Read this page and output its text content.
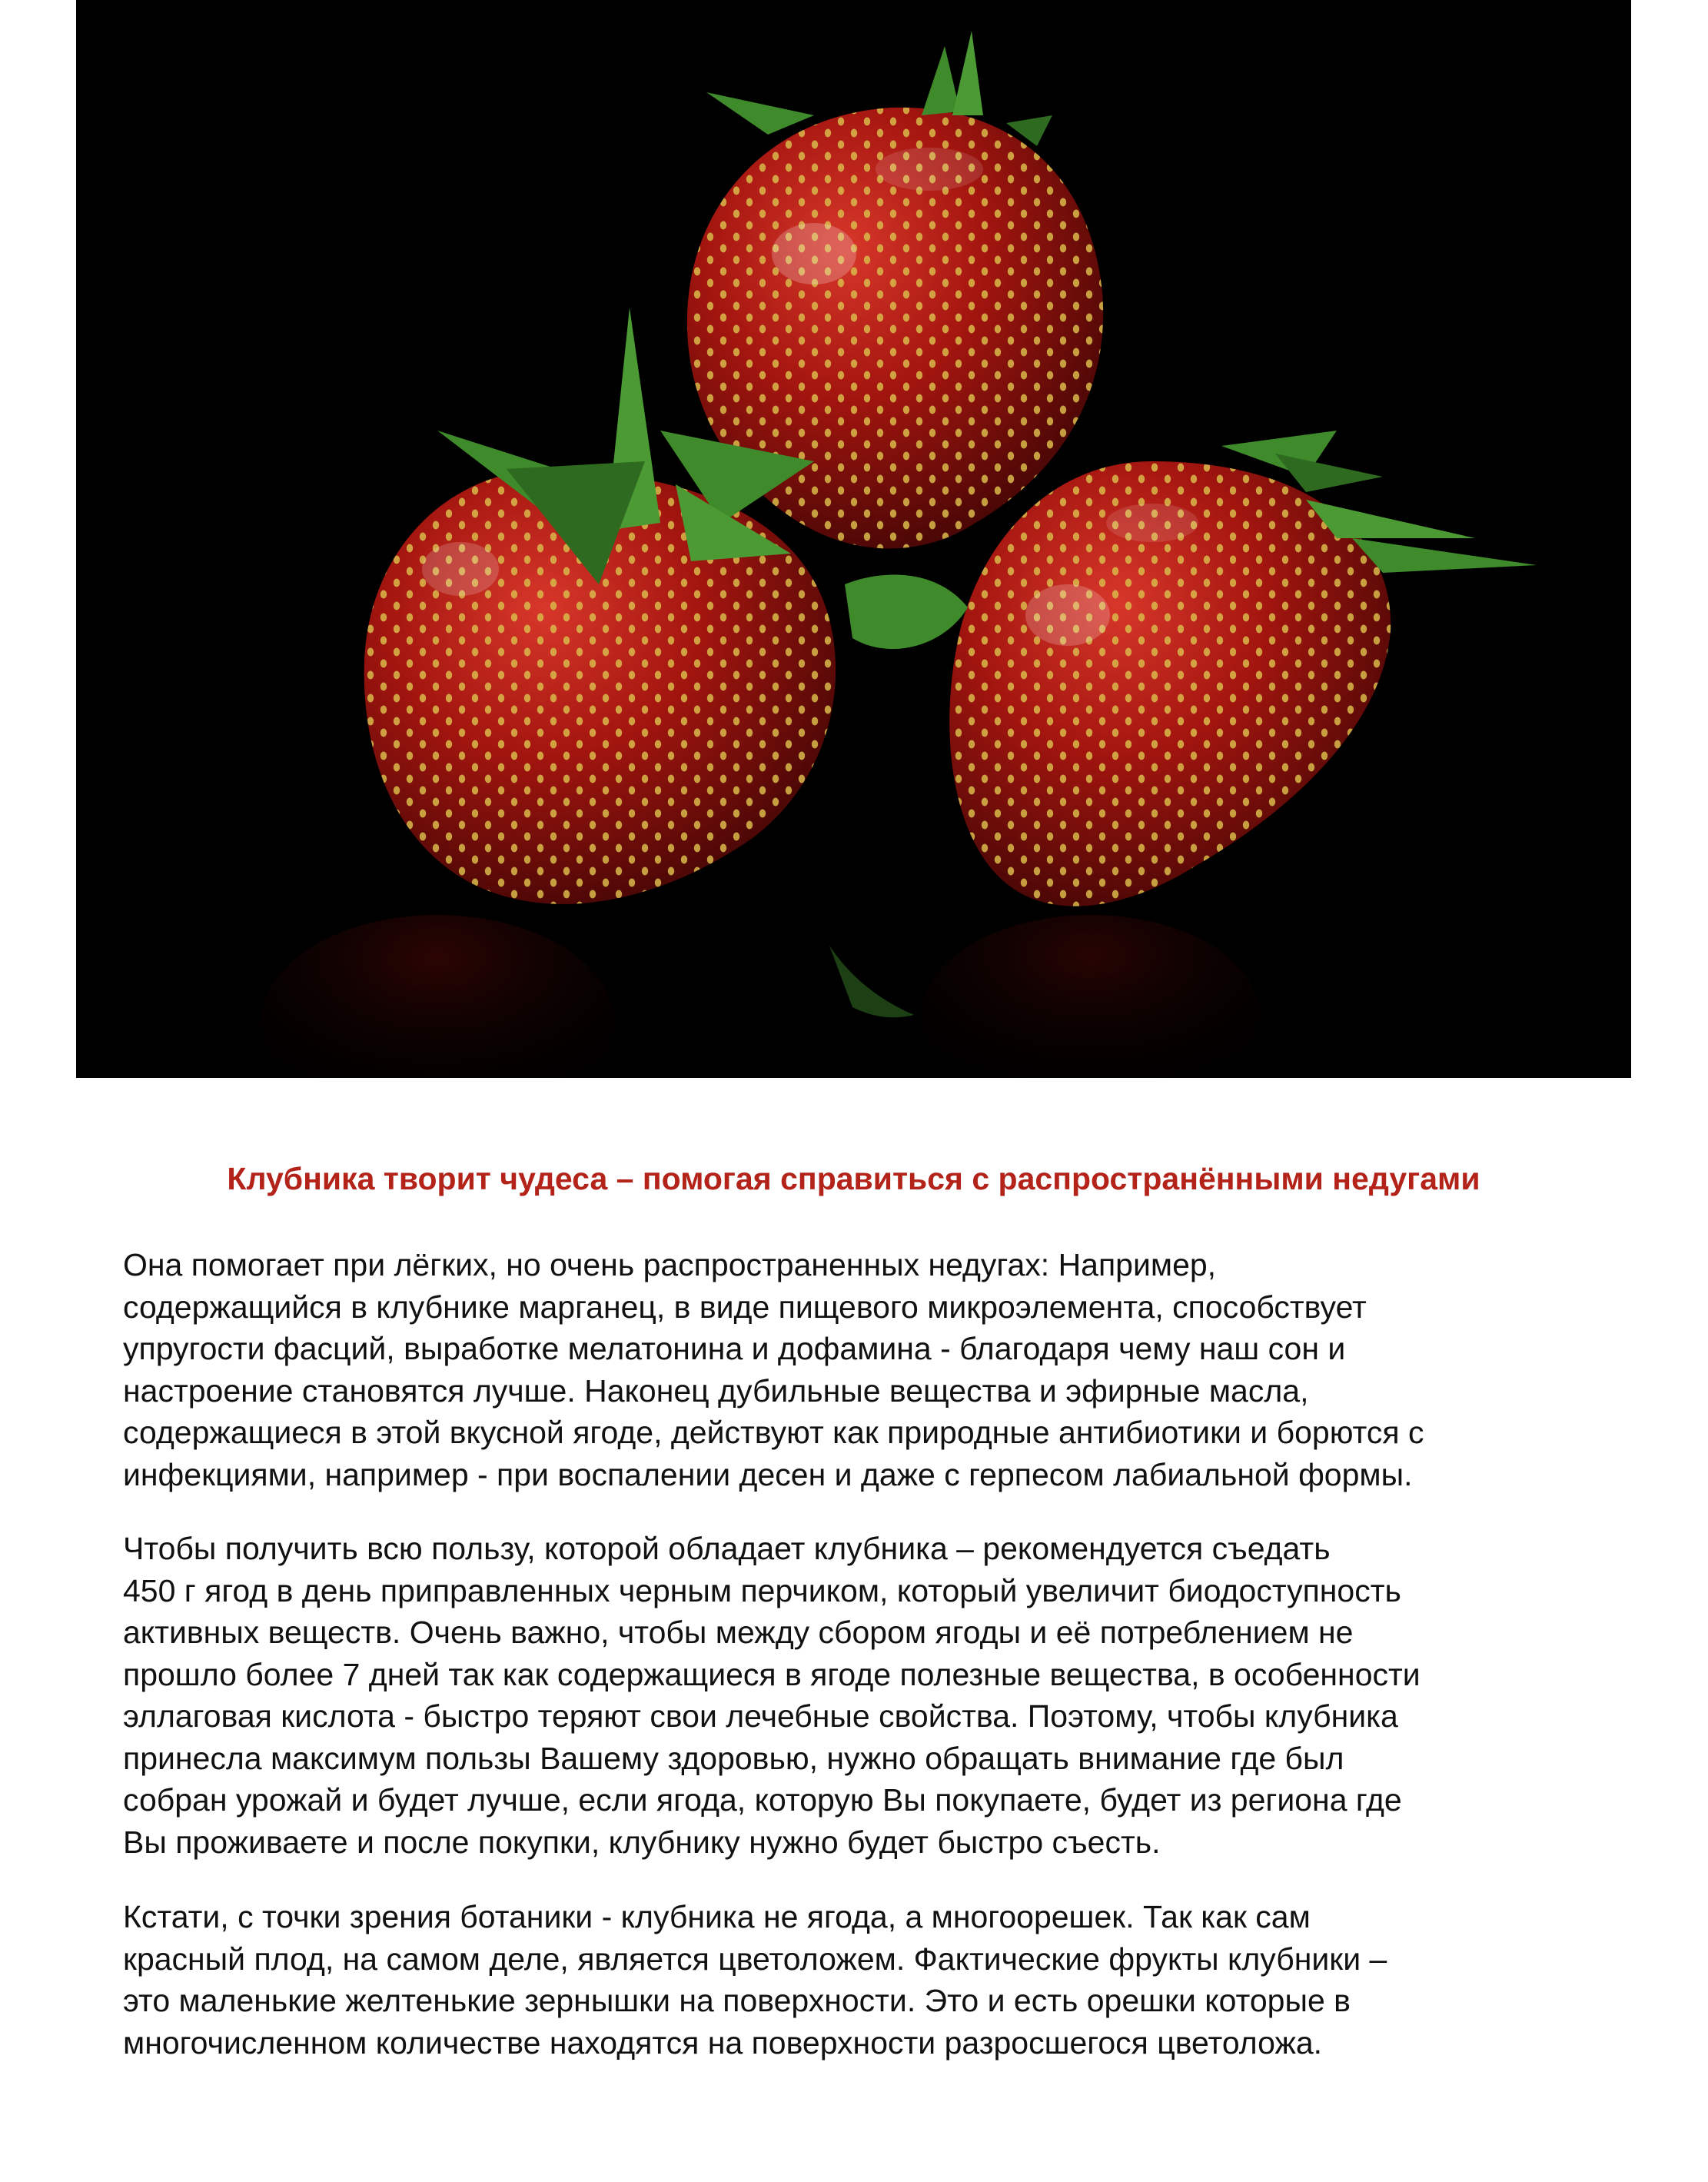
Клубника творит чудеса – помогая справиться с распространёнными недугами

Она помогает при лёгких, но очень распространенных недугах: Например,
содержащийся в клубнике марганец, в виде пищевого микроэлемента, способствует
упругости фасций, выработке мелатонина и дофамина - благодаря чему наш сон и
настроение становятся лучше. Наконец дубильные вещества и эфирные масла,
содержащиеся в этой вкусной ягоде, действуют как природные антибиотики и борются с
инфекциями, например - при воспалении десен и даже с герпесом лабиальной формы.

Чтобы получить всю пользу, которой обладает клубника – рекомендуется съедать
450 г ягод в день приправленных черным перчиком, который увеличит биодоступность
активных веществ. Очень важно, чтобы между сбором ягоды и её потреблением не
прошло более 7 дней так как содержащиеся в ягоде полезные вещества, в особенности
эллаговая кислота - быстро теряют свои лечебные свойства. Поэтому, чтобы клубника
принесла максимум пользы Вашему здоровью, нужно обращать внимание где был
собран урожай и будет лучше, если ягода, которую Вы покупаете, будет из региона где
Вы проживаете и после покупки, клубнику нужно будет быстро съесть.

Кстати, с точки зрения ботаники - клубника не ягода, а многоорешек. Так как сам
красный плод, на самом деле, является цветоложем. Фактические фрукты клубники –
это маленькие желтенькие зернышки на поверхности. Это и есть орешки которые в
многочисленном количестве находятся на поверхности разросшегося цветоложа.
